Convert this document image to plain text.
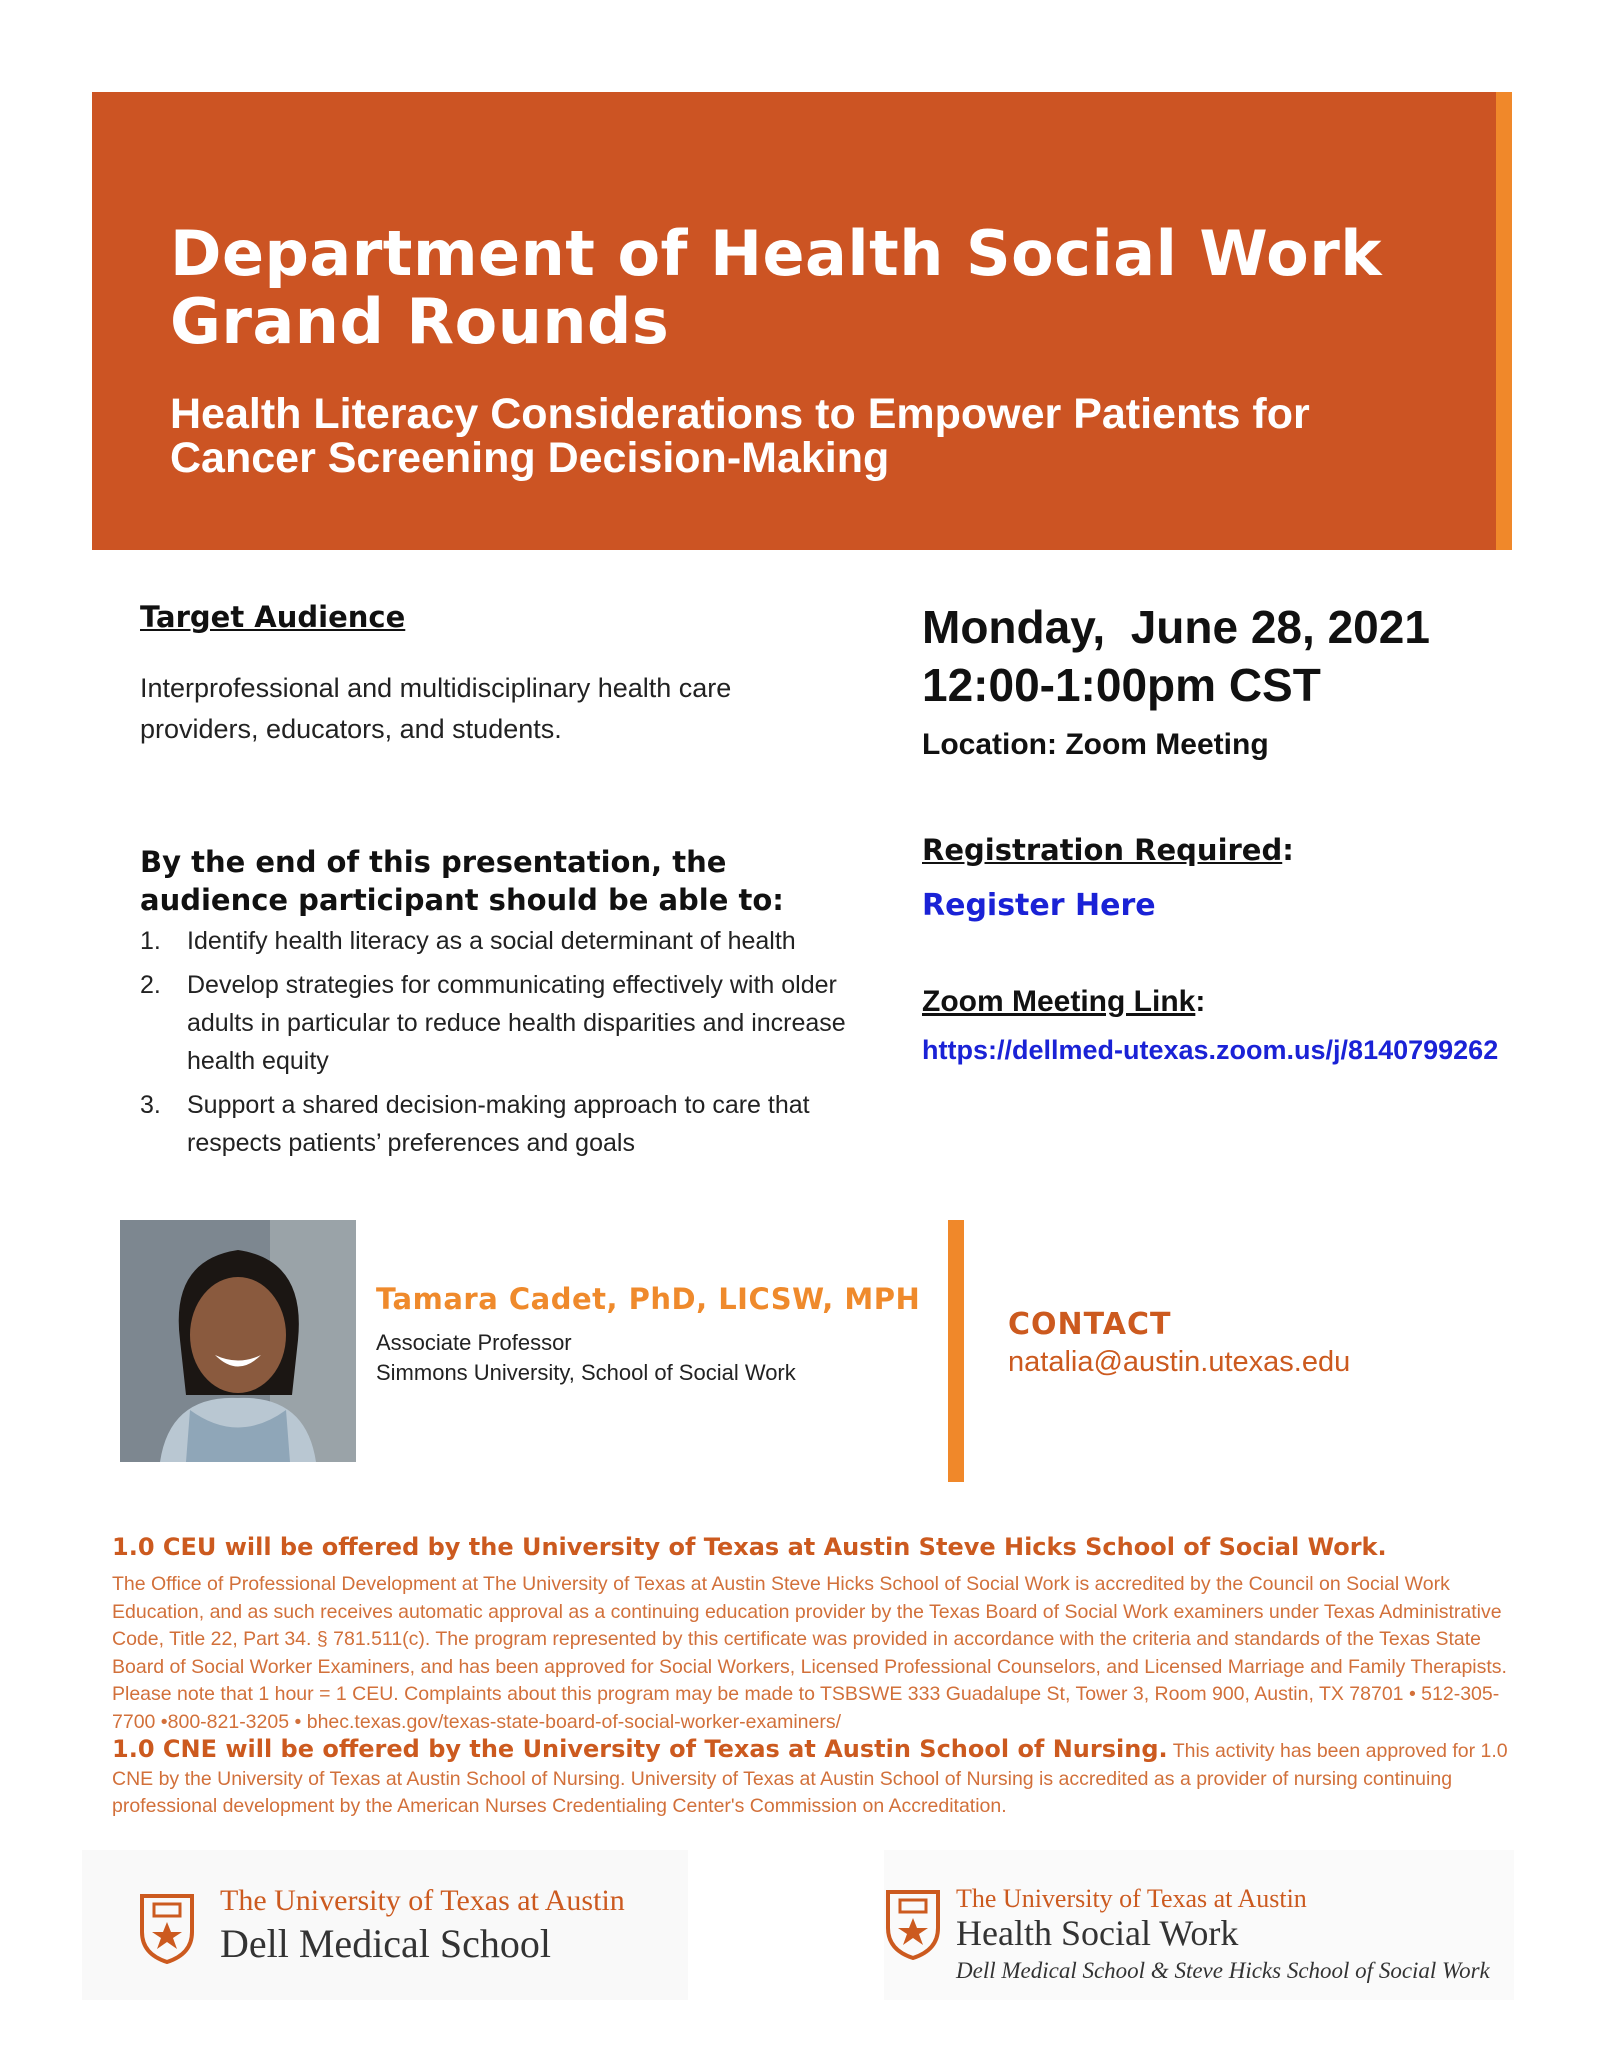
Department of Health Social Work
Grand Rounds
Health Literacy Considerations to Empower Patients for
Cancer Screening Decision-Making
Target Audience
Interprofessional and multidisciplinary health care
providers, educators, and students.
By the end of this presentation, the
audience participant should be able to:
1. Identify health literacy as a social determinant of health
2. Develop strategies for communicating effectively with older adults in particular to reduce health disparities and increase health equity
3. Support a shared decision-making approach to care that respects patients’ preferences and goals
Monday,  June 28, 2021
12:00-1:00pm CST
Location: Zoom Meeting
Registration Required:
Register Here
Zoom Meeting Link:
https://dellmed-utexas.zoom.us/j/8140799262
Tamara Cadet, PhD, LICSW, MPH
Associate Professor
Simmons University, School of Social Work
CONTACT
natalia@austin.utexas.edu
1.0 CEU will be offered by the University of Texas at Austin Steve Hicks School of Social Work.
The Office of Professional Development at The University of Texas at Austin Steve Hicks School of Social Work is accredited by the Council on Social Work Education, and as such receives automatic approval as a continuing education provider by the Texas Board of Social Work examiners under Texas Administrative Code, Title 22, Part 34. § 781.511(c). The program represented by this certificate was provided in accordance with the criteria and standards of the Texas State Board of Social Worker Examiners, and has been approved for Social Workers, Licensed Professional Counselors, and Licensed Marriage and Family Therapists. Please note that 1 hour = 1 CEU. Complaints about this program may be made to TSBSWE 333 Guadalupe St, Tower 3, Room 900, Austin, TX 78701 • 512-305-7700 •800-821-3205 • bhec.texas.gov/texas-state-board-of-social-worker-examiners/
1.0 CNE will be offered by the University of Texas at Austin School of Nursing. This activity has been approved for 1.0 CNE by the University of Texas at Austin School of Nursing. University of Texas at Austin School of Nursing is accredited as a provider of nursing continuing professional development by the American Nurses Credentialing Center's Commission on Accreditation.
The University of Texas at Austin
Dell Medical School
The University of Texas at Austin
Health Social Work
Dell Medical School & Steve Hicks School of Social Work
